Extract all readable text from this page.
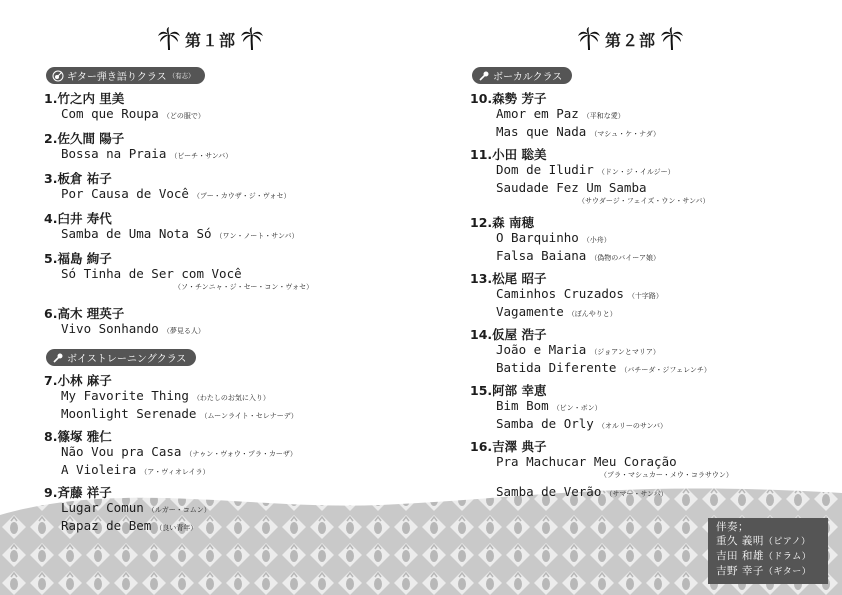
第１部
ギター弾き語りクラス （有志）
1.竹之内 里美
Com que Roupa （どの服で）
2.佐久間 陽子
Bossa na Praia （ビーチ・サンバ）
3.板倉 祐子
Por Causa de Você （ブー・カウザ・ジ・ヴォセ）
4.臼井 寿代
Samba de Uma Nota Só （ワン・ノート・サンバ）
5.福島 絢子
Só Tinha de Ser com Você
（ソ・チンニャ・ジ・セー・コン・ヴォセ）
6.高木 理英子
Vivo Sonhando （夢見る人）
ボイストレーニングクラス
7.小林 麻子
My Favorite Thing （わたしのお気に入り）
Moonlight Serenade （ムーンライト・セレナーデ）
8.篠塚 雅仁
Não Vou pra Casa （ナゥン・ヴォウ・プラ・カーザ）
A Violeira （ア・ヴィオレイラ）
9.斉藤 祥子
Lugar Comun （ルガー・コムン）
Rapaz de Bem （良い青年）
第２部
ボーカルクラス
10.森勢 芳子
Amor em Paz （平和な愛）
Mas que Nada （マシュ・ケ・ナダ）
11.小田 聡美
Dom de Iludir （ドン・ジ・イルジー）
Saudade Fez Um Samba
（サウダージ・フェイズ・ウン・サンバ）
12.森 南穂
O Barquinho （小舟）
Falsa Baiana （偽物のバイーア娘）
13.松尾 昭子
Caminhos Cruzados （十字路）
Vagamente （ぼんやりと）
14.仮屋 浩子
João e Maria （ジョアンとマリア）
Batida Diferente （バチーダ・ジフェレンチ）
15.阿部 幸恵
Bim Bom （ビン・ボン）
Samba de Orly （オルリーのサンバ）
16.吉澤 典子
Pra Machucar Meu Coração
（プラ・マシュカー・メウ・コラサウン）
Samba de Verão （サマー・サンバ）
伴奏；
重久 義明（ピアノ）
吉田 和雄（ドラム）
吉野 幸子（ギター）
